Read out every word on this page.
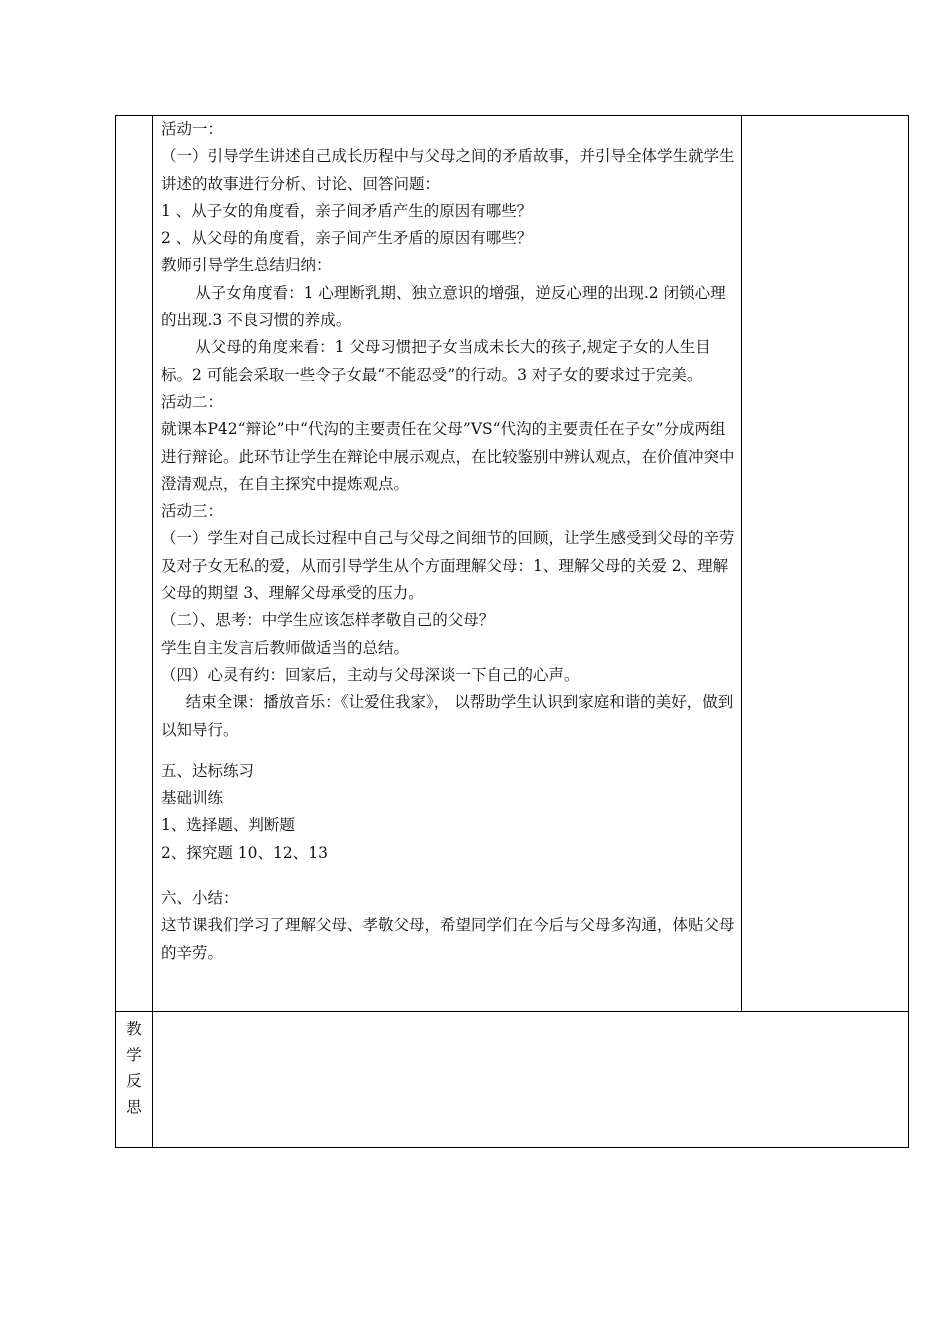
活动一：

（一）引导学生讲述自己成长历程中与父母之间的矛盾故事，并引导全体学生就学生讲述的故事进行分析、讨论、回答问题：

1 、从子女的角度看，亲子间矛盾产生的原因有哪些？

2 、从父母的角度看，亲子间产生矛盾的原因有哪些？

教师引导学生总结归纳：

从子女角度看：1 心理断乳期、独立意识的增强，逆反心理的出现.2 闭锁心理的出现.3 不良习惯的养成。

从父母的角度来看：1 父母习惯把子女当成未长大的孩子,规定子女的人生目标。2 可能会采取一些令子女最“不能忍受”的行动。3 对子女的要求过于完美。

活动二：

就课本P42“辩论”中“代沟的主要责任在父母”VS“代沟的主要责任在子女”分成两组进行辩论。此环节让学生在辩论中展示观点，在比较鉴别中辨认观点，在价值冲突中澄清观点，在自主探究中提炼观点。

活动三：

（一）学生对自己成长过程中自己与父母之间细节的回顾，让学生感受到父母的辛劳及对子女无私的爱，从而引导学生从个方面理解父母：1、理解父母的关爱 2、理解父母的期望 3、理解父母承受的压力。

（二）、思考：中学生应该怎样孝敬自己的父母？

学生自主发言后教师做适当的总结。

（四）心灵有约：回家后，主动与父母深谈一下自己的心声。

结束全课：播放音乐：《让爱住我家》， 以帮助学生认识到家庭和谐的美好，做到以知导行。

五、达标练习

基础训练

1、选择题、判断题

2、探究题 10、12、13

六、小结：

这节课我们学习了理解父母、孝敬父母，希望同学们在今后与父母多沟通，体贴父母的辛劳。

教
学
反
思
